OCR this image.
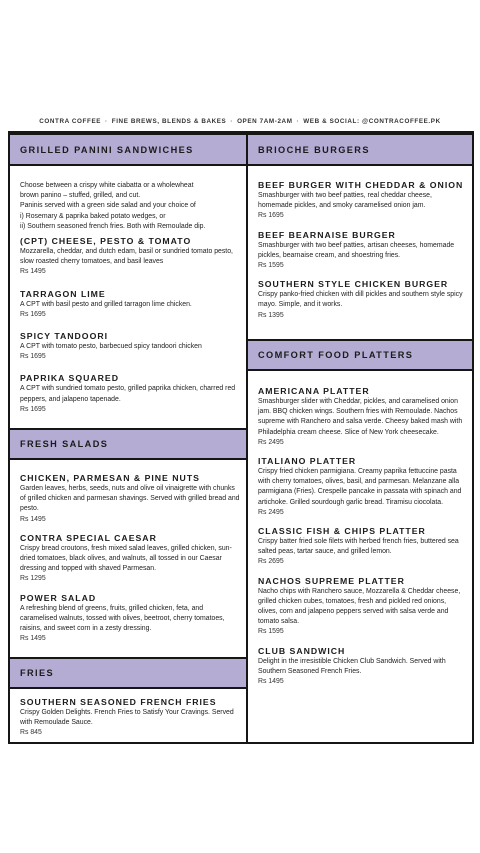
CONTRA COFFEE · FINE BREWS, BLENDS & BAKES · OPEN 7AM-2AM · WEB & SOCIAL: @CONTRACOFFEE.PK
GRILLED PANINI SANDWICHES
Choose between a crispy white ciabatta or a wholewheat
brown panino – stuffed, grilled, and cut.
Paninis served with a green side salad and your choice of
i) Rosemary & paprika baked potato wedges, or
ii) Southern seasoned french fries. Both with Remoulade dip.
(CPT) CHEESE, PESTO & TOMATO
Mozzarella, cheddar, and dutch edam, basil or sundried tomato pesto, slow roasted cherry tomatoes, and basil leaves
Rs 1495
TARRAGON LIME
A CPT with basil pesto and grilled tarragon lime chicken.
Rs 1695
SPICY TANDOORI
A CPT with tomato pesto, barbecued spicy tandoori chicken
Rs 1695
PAPRIKA SQUARED
A CPT with sundried tomato pesto, grilled paprika chicken, charred red peppers, and jalapeno tapenade.
Rs 1695
FRESH SALADS
CHICKEN, PARMESAN & PINE NUTS
Garden leaves, herbs, seeds, nuts and olive oil vinaigrette with chunks of grilled chicken and parmesan shavings. Served with grilled bread and pesto.
Rs 1495
CONTRA SPECIAL CAESAR
Crispy bread croutons, fresh mixed salad leaves, grilled chicken, sun-dried tomatoes, black olives, and walnuts, all tossed in our Caesar dressing and topped with shaved Parmesan.
Rs 1295
POWER SALAD
A refreshing blend of greens, fruits, grilled chicken, feta, and caramelised walnuts, tossed with olives, beetroot, cherry tomatoes, raisins, and sweet corn in a zesty dressing.
Rs 1495
FRIES
SOUTHERN SEASONED FRENCH FRIES
Crispy Golden Delights. French Fries to Satisfy Your Cravings. Served with Remoulade Sauce.
Rs 845
BRIOCHE BURGERS
BEEF BURGER WITH CHEDDAR & ONION
Smashburger with two beef patties, real cheddar cheese, homemade pickles, and smoky caramelised onion jam.
Rs 1695
BEEF BEARNAISE BURGER
Smashburger with two beef patties, artisan cheeses, homemade pickles, bearnaise cream, and shoestring fries.
Rs 1595
SOUTHERN STYLE CHICKEN BURGER
Crispy panko-fried chicken with dill pickles and southern style spicy mayo. Simple, and it works.
Rs 1395
COMFORT FOOD PLATTERS
AMERICANA PLATTER
Smashburger slider with Cheddar, pickles, and caramelised onion jam. BBQ chicken wings. Southern fries with Remoulade. Nachos supreme with Ranchero and salsa verde. Cheesy baked mash with Philadelphia cream cheese. Slice of New York cheesecake.
Rs 2495
ITALIANO PLATTER
Crispy fried chicken parmigiana. Creamy paprika fettuccine pasta with cherry tomatoes, olives, basil, and parmesan. Melanzane alla parmigiana (Fries). Crespelle pancake in passata with spinach and artichoke. Grilled sourdough garlic bread. Tiramisu ciocolata.
Rs 2495
CLASSIC FISH & CHIPS PLATTER
Crispy batter fried sole filets with herbed french fries, buttered sea salted peas, tartar sauce, and grilled lemon.
Rs 2695
NACHOS SUPREME PLATTER
Nacho chips with Ranchero sauce, Mozzarella & Cheddar cheese, grilled chicken cubes, tomatoes, fresh and pickled red onions, olives, corn and jalapeno peppers served with salsa verde and tomato salsa.
Rs 1595
CLUB SANDWICH
Delight in the irresistible Chicken Club Sandwich. Served with Southern Seasoned French Fries.
Rs 1495
